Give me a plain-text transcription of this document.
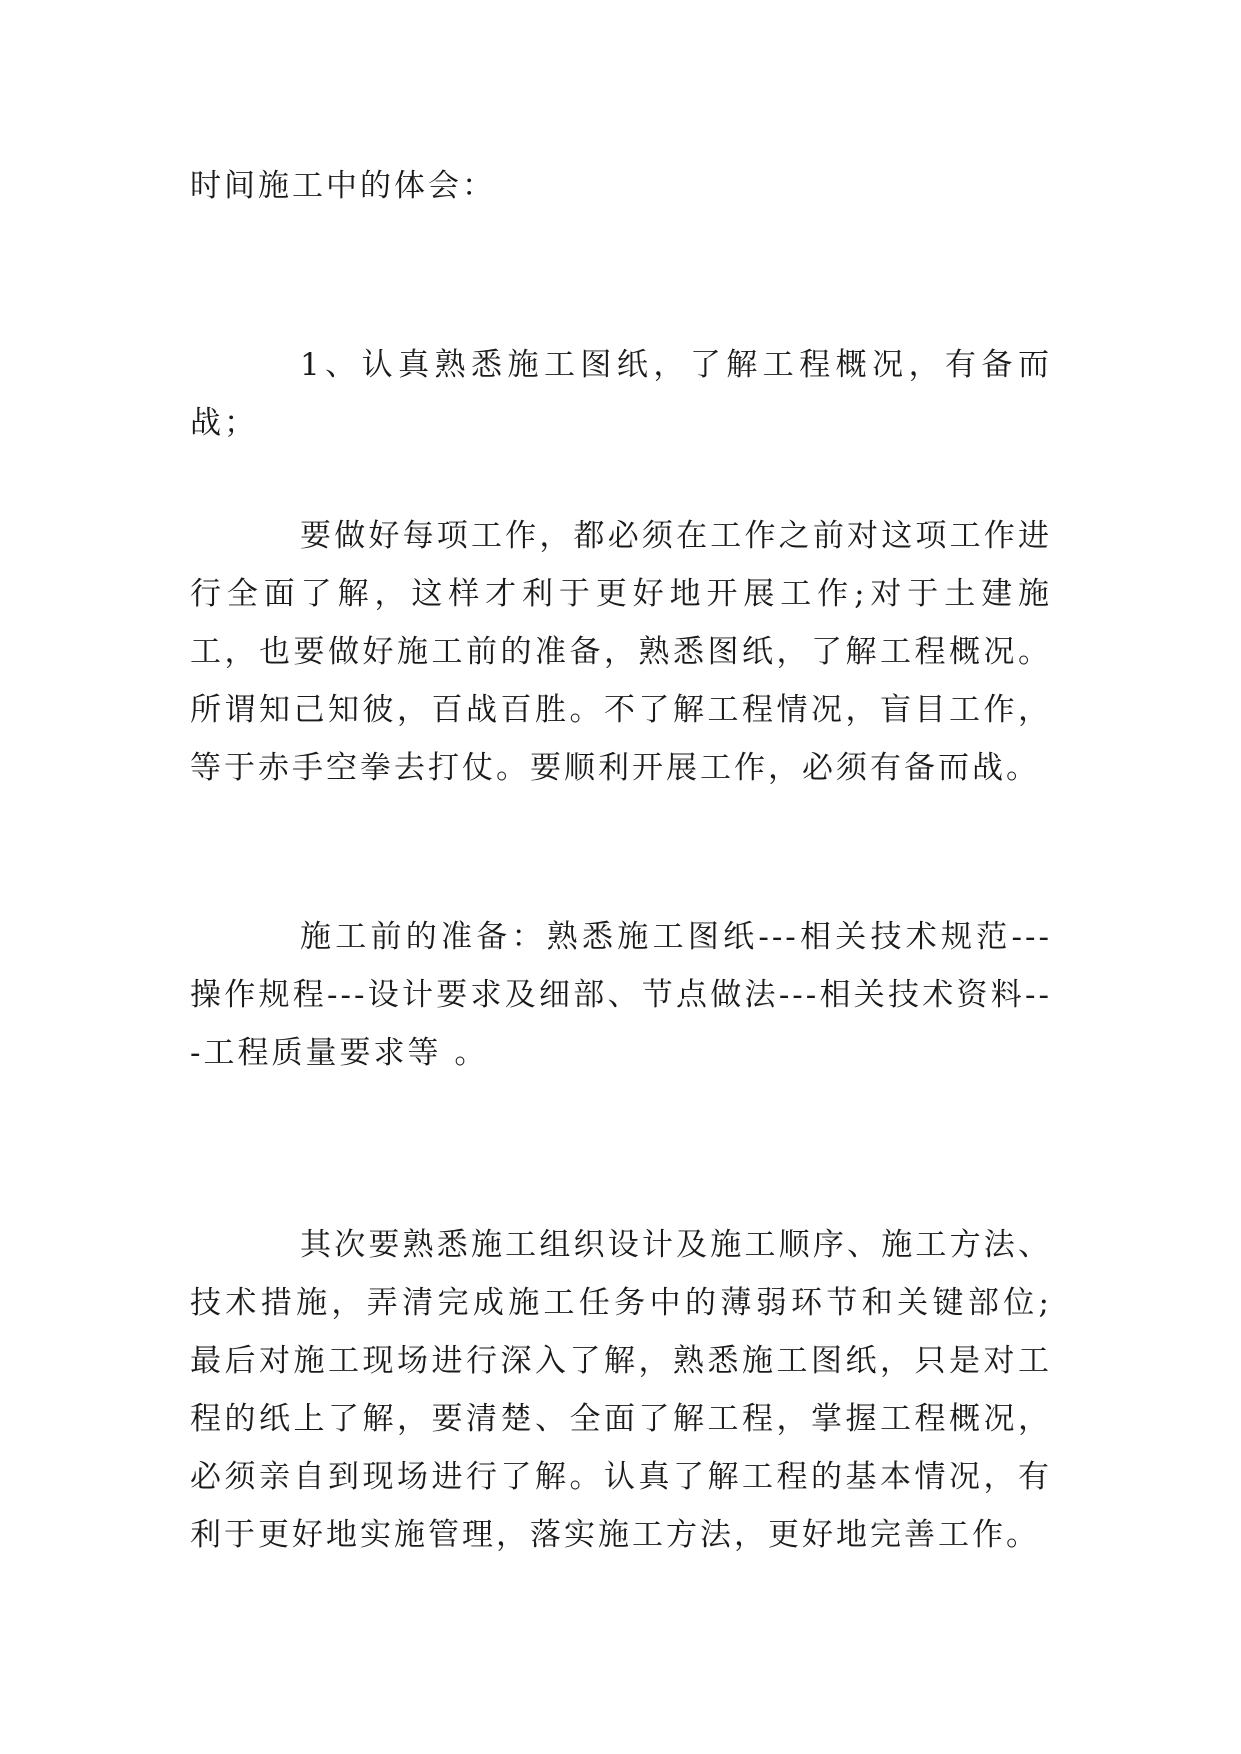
时间施工中的体会：

1、认真熟悉施工图纸，了解工程概况，有备而战；

要做好每项工作，都必须在工作之前对这项工作进行全面了解，这样才利于更好地开展工作;对于土建施工，也要做好施工前的准备，熟悉图纸，了解工程概况。所谓知己知彼，百战百胜。不了解工程情况，盲目工作，等于赤手空拳去打仗。要顺利开展工作，必须有备而战。

施工前的准备：熟悉施工图纸---相关技术规范---操作规程---设计要求及细部、节点做法---相关技术资料---工程质量要求等 。

其次要熟悉施工组织设计及施工顺序、施工方法、技术措施，弄清完成施工任务中的薄弱环节和关键部位;最后对施工现场进行深入了解，熟悉施工图纸，只是对工程的纸上了解，要清楚、全面了解工程，掌握工程概况，必须亲自到现场进行了解。认真了解工程的基本情况，有利于更好地实施管理，落实施工方法，更好地完善工作。
